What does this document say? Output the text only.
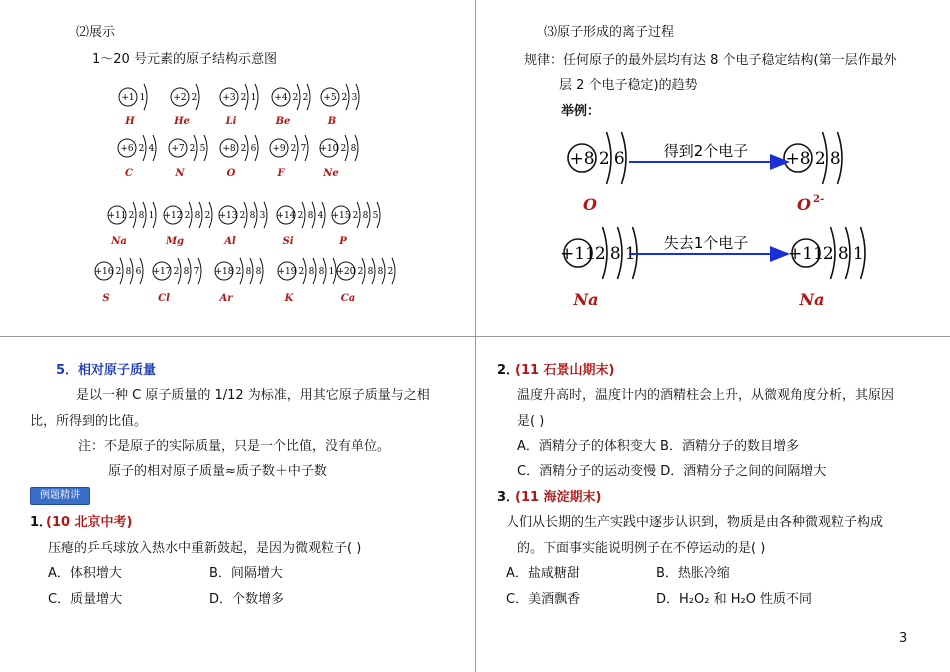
⑵展示
1～20 号元素的原子结构示意图
+1 1
H
+2 2
He
+3 2 1
Li
+4 2 2
Be
+5 2 3
B
+6 2 4
C
+7 2 5
N
+8 2 6
O
+9 2 7
F
+10 2 8
Ne
+11 2 8 1
Na
+12 2 8 2
Mg
+13 2 8 3
Al
+14 2 8 4
Si
+15 2 8 5
P
+16 2 8 6
S
+17 2 8 7
Cl
+18 2 8 8
Ar
+19 2 8 8 1
K
+20 2 8 8 2
Ca
⑶原子形成的离子过程
规律：任何原子的最外层均有达 8 个电子稳定结构(第一层作最外
层 2 个电子稳定)的趋势
举例：
+8 2 6	+8 2 8
得到2个电子
O	O 2-
+11
2 8 1	+11
2 8 1
失去1个电子
Na	Na
5．相对原子质量
是以一种 C 原子质量的 1/12 为标准，用其它原子质量与之相
比，所得到的比值。
注：不是原子的实际质量，只是一个比值，没有单位。
原子的相对原子质量≈质子数＋中子数
例题精讲
1．
(10 北京中考)
压瘪的乒乓球放入热水中重新鼓起，是因为微观粒子( )
A．体积增大	B．间隔增大
C．质量增大	D．个数增多
2．
(11 石景山期末)
温度升高时，温度计内的酒精柱会上升，从微观角度分析，其原因
是( )
A．酒精分子的体积变大 B．酒精分子的数目增多
C．酒精分子的运动变慢 D．酒精分子之间的间隔增大
3．
(11 海淀期末)
人们从长期的生产实践中逐步认识到，物质是由各种微观粒子构成
的。下面事实能说明例子在不停运动的是( )
A．盐咸糖甜	B．热胀冷缩
C．美酒飘香	D．H₂O₂ 和 H₂O 性质不同
3
